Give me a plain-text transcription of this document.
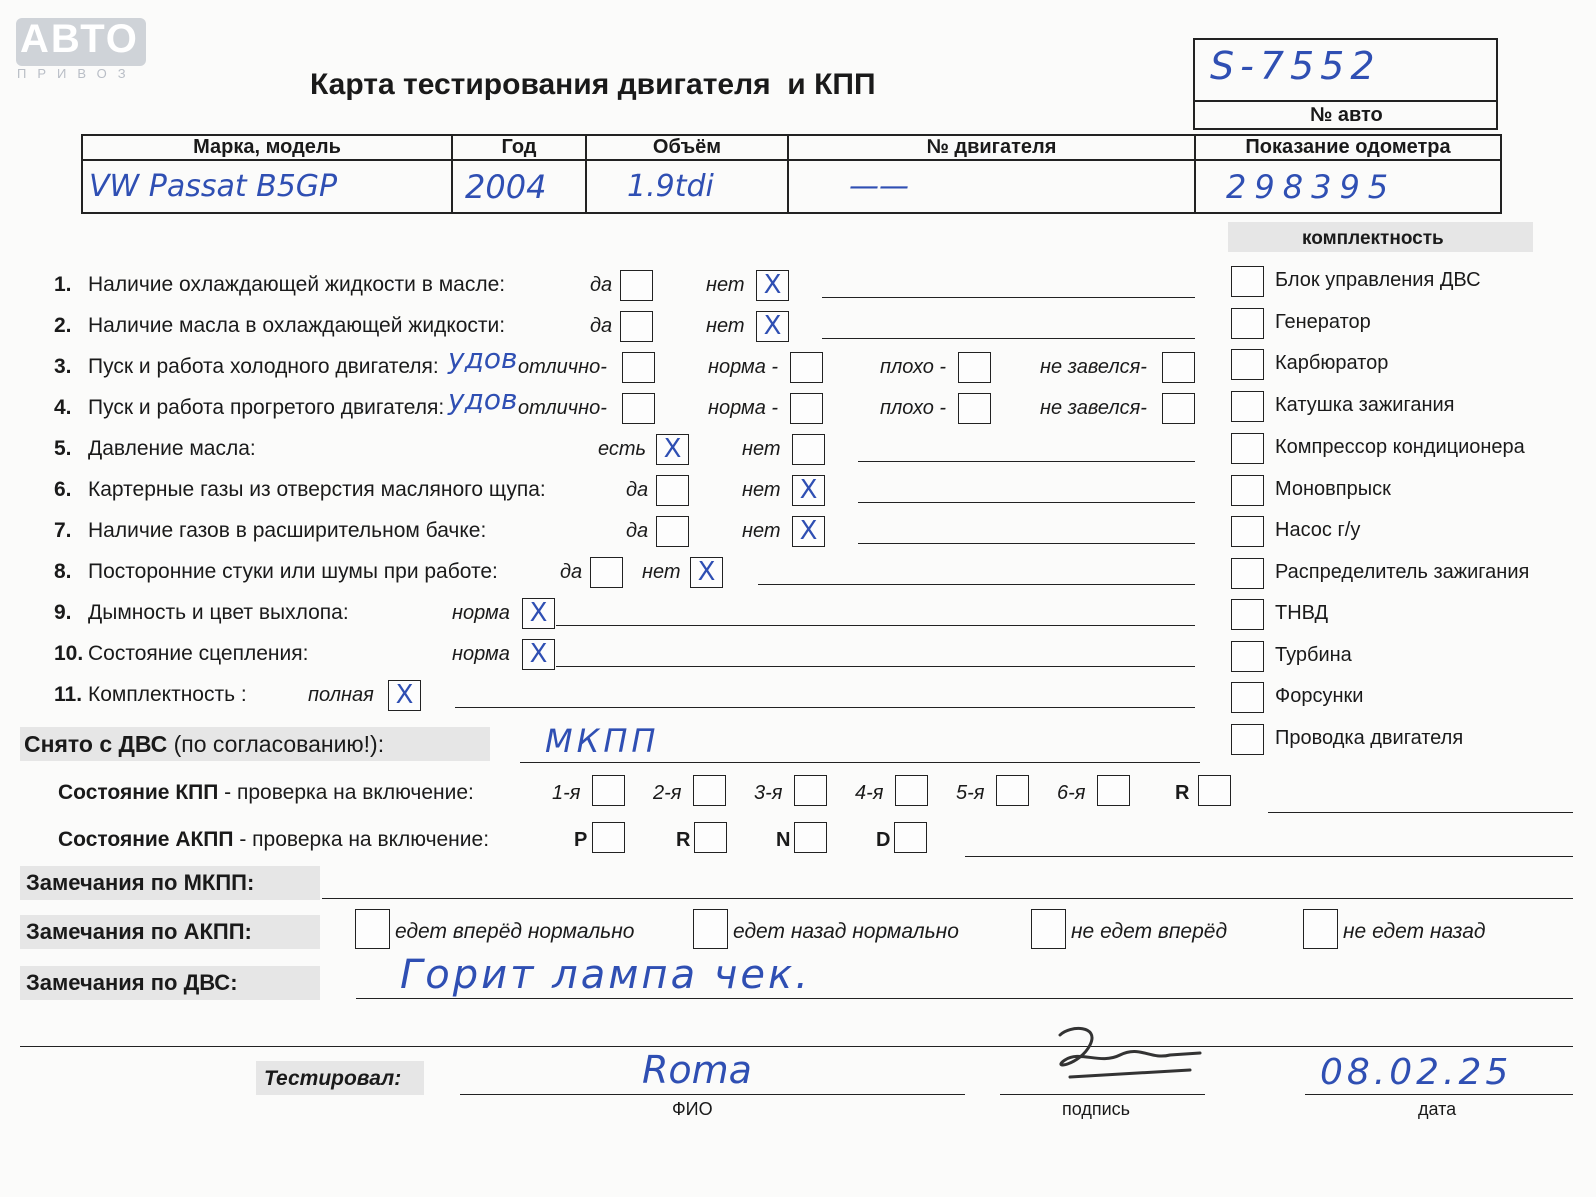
АВТО
ПРИВОЗ	Карта тестирования двигателя  и КПП	S-7552
№ авто
Марка, модель	Год	Объём	№ двигателя	Показание одометра

VW Passat B5GP	2004	1.9tdi	——	298395
комплектность
Блок управления ДВС
Генератор
Карбюратор
Катушка зажигания
Компрессор кондиционера
Моновпрыск
Насос г/у
Распределитель зажигания
ТНВД
Турбина
Форсунки
Проводка двигателя
1. Наличие охлаждающей жидкости в масле:	да	нет X
2. Наличие масла в охлаждающей жидкости:	да	нет X
3. Пуск и работа холодного двигателя: удов отлично-	норма -	плохо -	не завелся-
4. Пуск и работа прогретого двигателя: удов отлично-	норма -	плохо -	не завелся-
5. Давление масла:	есть X	нет
6. Картерные газы из отверстия масляного щупа:	да	нет X
7. Наличие газов в расширительном бачке:	да	нет X
8. Посторонние стуки или шумы при работе:	да	нет X
9. Дымность и цвет выхлопа:	норма X
10. Состояние сцепления:	норма X
11. Комплектность :	полная X
Снято с ДВС (по согласованию!):	МКПП
Состояние КПП - проверка на включение:	1-я	2-я	3-я	4-я	5-я	6-я	R
Состояние АКПП - проверка на включение:	P	R	N	D
Замечания по МКПП:
Замечания по АКПП:	едет вперёд нормально	едет назад нормально	не едет вперёд	не едет назад
Замечания по ДВС:	Горит лампа чек.
Тестировал:	Roma
ФИО	подпись
08.02.25
дата
